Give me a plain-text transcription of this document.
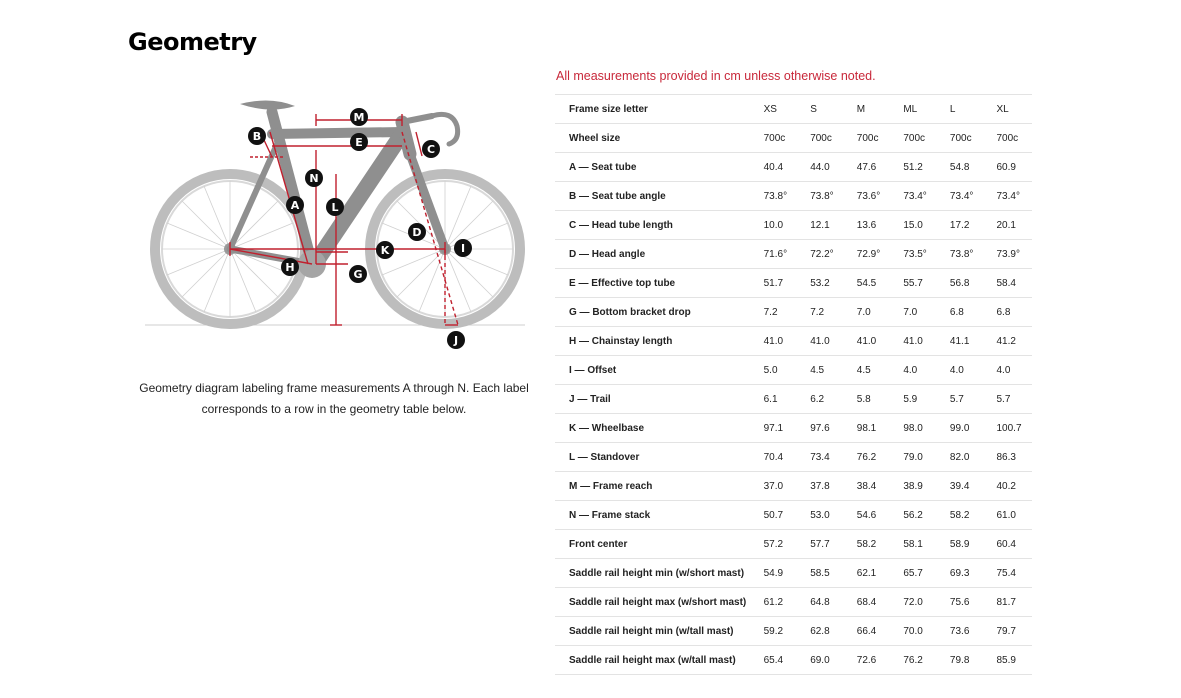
Geometry
M
B	E
C
N
A	L
D
I
K
H
G
J
Geometry diagram labeling frame measurements A through N. Each label corresponds to a row in the geometry table below.
All measurements provided in cm unless otherwise noted.
Frame size letter	XS	S	M	ML	L	XL
Wheel size	700c	700c	700c	700c	700c	700c
A — Seat tube	40.4	44.0	47.6	51.2	54.8	60.9
B — Seat tube angle	73.8°	73.8°	73.6°	73.4°	73.4°	73.4°
C — Head tube length	10.0	12.1	13.6	15.0	17.2	20.1
D — Head angle	71.6°	72.2°	72.9°	73.5°	73.8°	73.9°
E — Effective top tube	51.7	53.2	54.5	55.7	56.8	58.4
G — Bottom bracket drop	7.2	7.2	7.0	7.0	6.8	6.8
H — Chainstay length	41.0	41.0	41.0	41.0	41.1	41.2
I — Offset	5.0	4.5	4.5	4.0	4.0	4.0
J — Trail	6.1	6.2	5.8	5.9	5.7	5.7
K — Wheelbase	97.1	97.6	98.1	98.0	99.0	100.7
L — Standover	70.4	73.4	76.2	79.0	82.0	86.3
M — Frame reach	37.0	37.8	38.4	38.9	39.4	40.2
N — Frame stack	50.7	53.0	54.6	56.2	58.2	61.0
Front center	57.2	57.7	58.2	58.1	58.9	60.4
Saddle rail height min (w/short mast)	54.9	58.5	62.1	65.7	69.3	75.4
Saddle rail height max (w/short mast)	61.2	64.8	68.4	72.0	75.6	81.7
Saddle rail height min (w/tall mast)	59.2	62.8	66.4	70.0	73.6	79.7
Saddle rail height max (w/tall mast)	65.4	69.0	72.6	76.2	79.8	85.9
